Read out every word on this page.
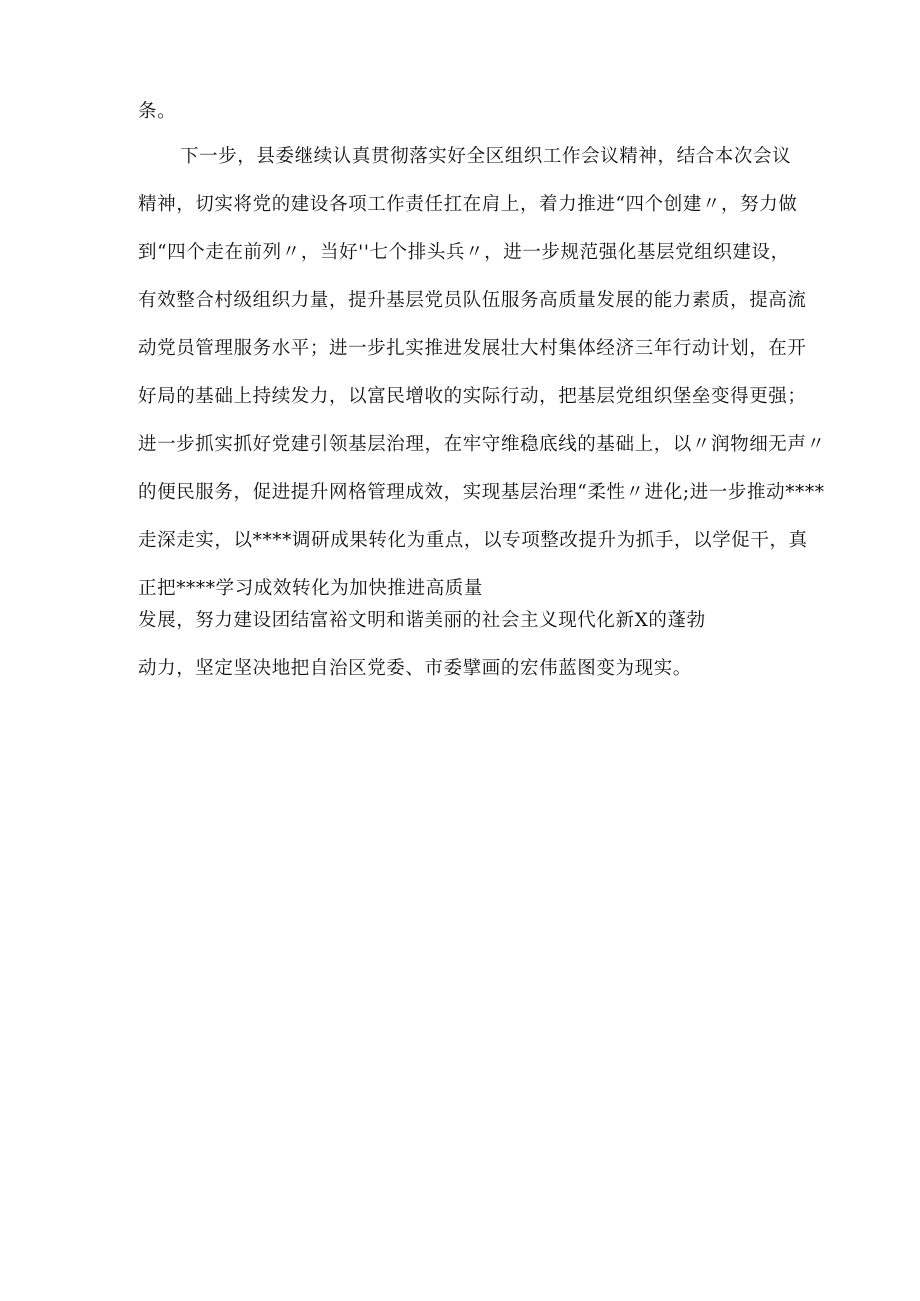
条。
下一步，县委继续认真贯彻落实好全区组织工作会议精神，结合本次会议
精神，切实将党的建设各项工作责任扛在肩上，着力推进“四个创建〃，努力做
到“四个走在前列〃，当好''七个排头兵〃，进一步规范强化基层党组织建设，
有效整合村级组织力量，提升基层党员队伍服务高质量发展的能力素质，提高流
动党员管理服务水平；进一步扎实推进发展壮大村集体经济三年行动计划，在开
好局的基础上持续发力，以富民增收的实际行动，把基层党组织堡垒变得更强；
进一步抓实抓好党建引领基层治理，在牢守维稳底线的基础上，以〃润物细无声〃
的便民服务，促进提升网格管理成效，实现基层治理“柔性〃进化;进一步推动****
走深走实，以****调研成果转化为重点，以专项整改提升为抓手，以学促干，真
正把****学习成效转化为加快推进高质量
发展，努力建设团结富裕文明和谐美丽的社会主义现代化新X的蓬勃
动力，坚定坚决地把自治区党委、市委擘画的宏伟蓝图变为现实。
